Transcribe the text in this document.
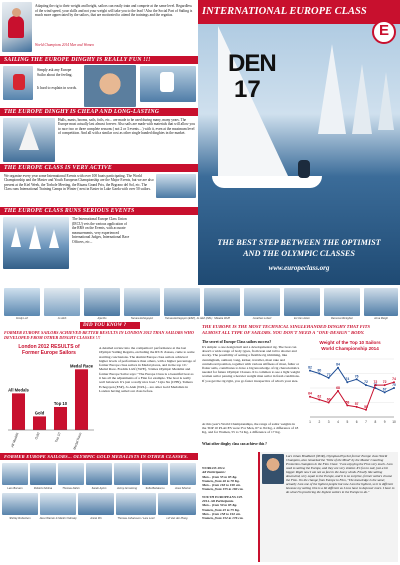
Adapting the rig to their weight and height, sailors can easily train and compete at the same level. Regardless of the wind speed, your skills and not your weight will take you to the lead ! Also the Social Part of Sailing is much more appreciated by the sailors, that are motivated to attend the trainings and the regattas.

World Champions 2014 Men and Women

SAILING THE EUROPE DINGHY IS REALLY FUN !!!

Simply ask any Europe Sailor about the feeling.

It hard to explain in words.

THE EUROPE DINGHY IS CHEAP AND LONG-LASTING

Hulls, masts, booms, sails, foils, etc... are made to be used during many, many years. The Europe must actually last almost forever. Also sails are made with materials that will allow you to race two or three complete seasons ( not 2 or 3 events... ) with it, even at the maximum level of competition. And all with a similar cost as other single handed dinghies in the market.

THE EUROPE CLASS IS VERY ACTIVE

We organize every year some International Events with over 100 boats participating. The World Championship and the Master and Youth European Championship are the Major Events, but we are also present at the Kiel Week, the Torbole Meeting, the Riuasu Grand Prix, the Brgrano del Sol, etc. The Class runs International Training Camps in Winter ( next in Easter in Lake Garda with over 50 sailors.

THE EUROPE CLASS RUNS SERIOUS EVENTS

The International Europe Class Union (IECU) vets the various application of the RRS on the Events, with accurate measurements, very experienced International Judges, International Race Officers, etc...

INTERNATIONAL EUROPE CLASS
E
DEN
17
THE BEST STEP BETWEEN THE OPTIMIST
AND THE OLYMPIC CLASSES
www.europeclass.org
Fredy Lorf	Jo Aleh	Aljai Ro	Tamara Echegoyen	Tamara Echegoyen (ESP), Jo Aleh (NZL) Mikaela Wulff	Jonathan Lobert	Eri Van Acker	Ramona Mentghen	Anna Meigh
DID YOU KNOW ?
FORMER EUROPE SAILORS ACHIEVED BETTER RESULTS IN LONDON 2012 THAN SAILORS WHO DEVELOPED FROM OTHER DINGHY CLASSES !!!
London 2012 RESULTS of
Former Europe Sailors
All Medals
All Medals
Gold
Gold
Top 10
Top 10
Medal Race
Medal Race

A detailed review into the competitors' performance at the last Olympic Sailing Regatta, excluding the RS:X classes, came to some startling conclusions. The alumni Europe class sailors achieved higher levels of performance than others, with a higher percentage of former Europe class sailors in Medal places, and in the top 10 / Medal Race. Fredrik Lööf (SWE), 3 times Olympic Medalist and former Europe Sailor says: "The Europe Class is a beautiful boat as it has all the adjustments of a Finn for example. The boat is really well balanced. It's just a really nice boat." Lijia Xu (CHN), Tamara Echegoyen (ESP), Jo Aleh (NZL)... are other Gold Medalists in London having sailed our class before.

THE EUROPE IS THE MOST TECHNICAL SINGLEHANDED DINGHY THAT FITS
ALMOST ALL TYPE OF SAILORS. YOU DON'T NEED A "ONE-DESIGN" BODY.
The secret of Europe Class sailors success?

It's simple: a one design hull and a developmental rig. The boat can absorb a wide range of body types, from lean and tall to shorter and stocky. The possibility of setting a flexible rig trimming, like cunningham, outhaul, vang, kicker, traveller, mast rake and centreboard position, together with various stiffness of mast, fuller or flatter sails, contributes to have a big knowledge of rig characteristics needed for future Olympic Classes. It is common to see a light weight women sailor passing a heavier weight man sailor in fresh conditions. If you get the rig right, you go faster irrespective of what's your size.

At this year's World Championships, the range of sailor weights in the TOP 10 PLACES were: For Men, 67 to 84 Kg, a difference of 18 Kg, and for Women, 55 to 74 Kg, a difference of 17 Kg.

What other dinghy class can achieve this ?

Weight of the Top 10 Sailors
World Championship 2014
82
80
77
84
74
76
72
67
70
64
62
60
68
58 57
55
72 72
74
1 2 3 4 5 6 7 8 9 10

Lars Johan Brodtkorb (NOR), Olympian/Psychol former Europe class World Champion, also remarked the "little of the Mind" by the Master Coaching Protection champion in the Finn Class: "I am enjoying the Finn very much. I am used to sailing the Europe, and they are very similar. It's fun to sail, just a bit bigger. Right now I am not as fast in the heavy winds. Finally like sailing downwind, very equal to the Europe, and it is no surprise, former sailors choose the Finn. On the change from Europe to Finn, "The knowledge is the same; actually I am one of the lightest people but now I am the lightest, so it is different because my sailing trim is a bit different as I now have to depower more. I have to do what I'm practicing the highest sailors in the Europe to do."

FORMER EUROPE SAILORS... OLYMPIC GOLD MEDALISTS IN OTHER CLASSES.
Lars Borsem	Roberto Molina	Thomas Dahm	Sarah Ayton	Jenny Armstrong	Sofia Bekatorou	Jessi Sheiron
Shirley Robertson	Jessi Warner & Martin Oslinsky	Annie Pin	Thomas Johansson / Lars Lozz	Lili Van der Ploeg
WORLDS 2014.
All Participants:
Men... from 55 to 85 Kg.
Women, from 46 to 78 Kg.
Men... from 163 to 190 cm.
Women, from 155 to 180 cm.
YOUTH EUROPEANS CH.
2014. All Participants.
Men... from 50 to 85 Kg.
Women, from 45 to 75 Kg.
Men... from 158 to 192 cm.
Women, from 152 to 176 cm.
